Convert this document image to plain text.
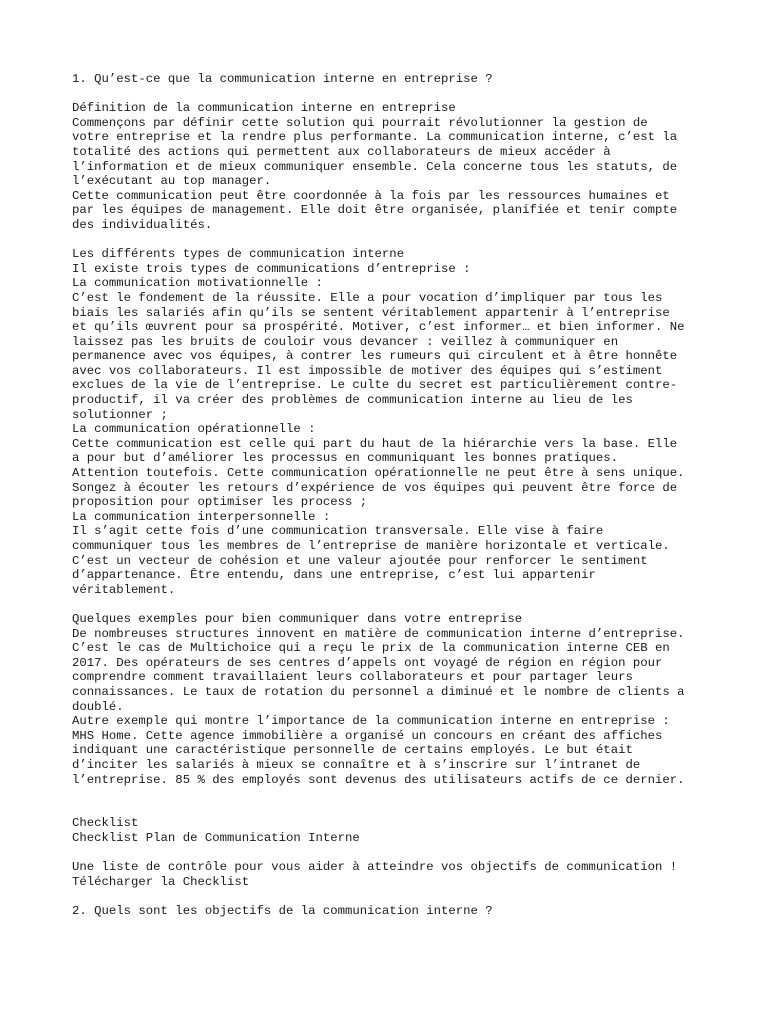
1. Qu’est-ce que la communication interne en entreprise ?
Définition de la communication interne en entreprise
Commençons par définir cette solution qui pourrait révolutionner la gestion de
votre entreprise et la rendre plus performante. La communication interne, c’est la
totalité des actions qui permettent aux collaborateurs de mieux accéder à
l’information et de mieux communiquer ensemble. Cela concerne tous les statuts, de
l’exécutant au top manager.
Cette communication peut être coordonnée à la fois par les ressources humaines et
par les équipes de management. Elle doit être organisée, planifiée et tenir compte
des individualités.
Les différents types de communication interne
Il existe trois types de communications d’entreprise :
La communication motivationnelle :
C’est le fondement de la réussite. Elle a pour vocation d’impliquer par tous les
biais les salariés afin qu’ils se sentent véritablement appartenir à l’entreprise
et qu’ils œuvrent pour sa prospérité. Motiver, c’est informer… et bien informer. Ne
laissez pas les bruits de couloir vous devancer : veillez à communiquer en
permanence avec vos équipes, à contrer les rumeurs qui circulent et à être honnête
avec vos collaborateurs. Il est impossible de motiver des équipes qui s’estiment
exclues de la vie de l’entreprise. Le culte du secret est particulièrement contre-
productif, il va créer des problèmes de communication interne au lieu de les
solutionner ;
La communication opérationnelle :
Cette communication est celle qui part du haut de la hiérarchie vers la base. Elle
a pour but d’améliorer les processus en communiquant les bonnes pratiques.
Attention toutefois. Cette communication opérationnelle ne peut être à sens unique.
Songez à écouter les retours d’expérience de vos équipes qui peuvent être force de
proposition pour optimiser les process ;
La communication interpersonnelle :
Il s’agit cette fois d’une communication transversale. Elle vise à faire
communiquer tous les membres de l’entreprise de manière horizontale et verticale.
C’est un vecteur de cohésion et une valeur ajoutée pour renforcer le sentiment
d’appartenance. Être entendu, dans une entreprise, c’est lui appartenir
véritablement.
Quelques exemples pour bien communiquer dans votre entreprise
De nombreuses structures innovent en matière de communication interne d’entreprise.
C’est le cas de Multichoice qui a reçu le prix de la communication interne CEB en
2017. Des opérateurs de ses centres d’appels ont voyagé de région en région pour
comprendre comment travaillaient leurs collaborateurs et pour partager leurs
connaissances. Le taux de rotation du personnel a diminué et le nombre de clients a
doublé.
Autre exemple qui montre l’importance de la communication interne en entreprise :
MHS Home. Cette agence immobilière a organisé un concours en créant des affiches
indiquant une caractéristique personnelle de certains employés. Le but était
d’inciter les salariés à mieux se connaître et à s’inscrire sur l’intranet de
l’entreprise. 85 % des employés sont devenus des utilisateurs actifs de ce dernier.
Checklist
Checklist Plan de Communication Interne
Une liste de contrôle pour vous aider à atteindre vos objectifs de communication !
Télécharger la Checklist
2. Quels sont les objectifs de la communication interne ?
